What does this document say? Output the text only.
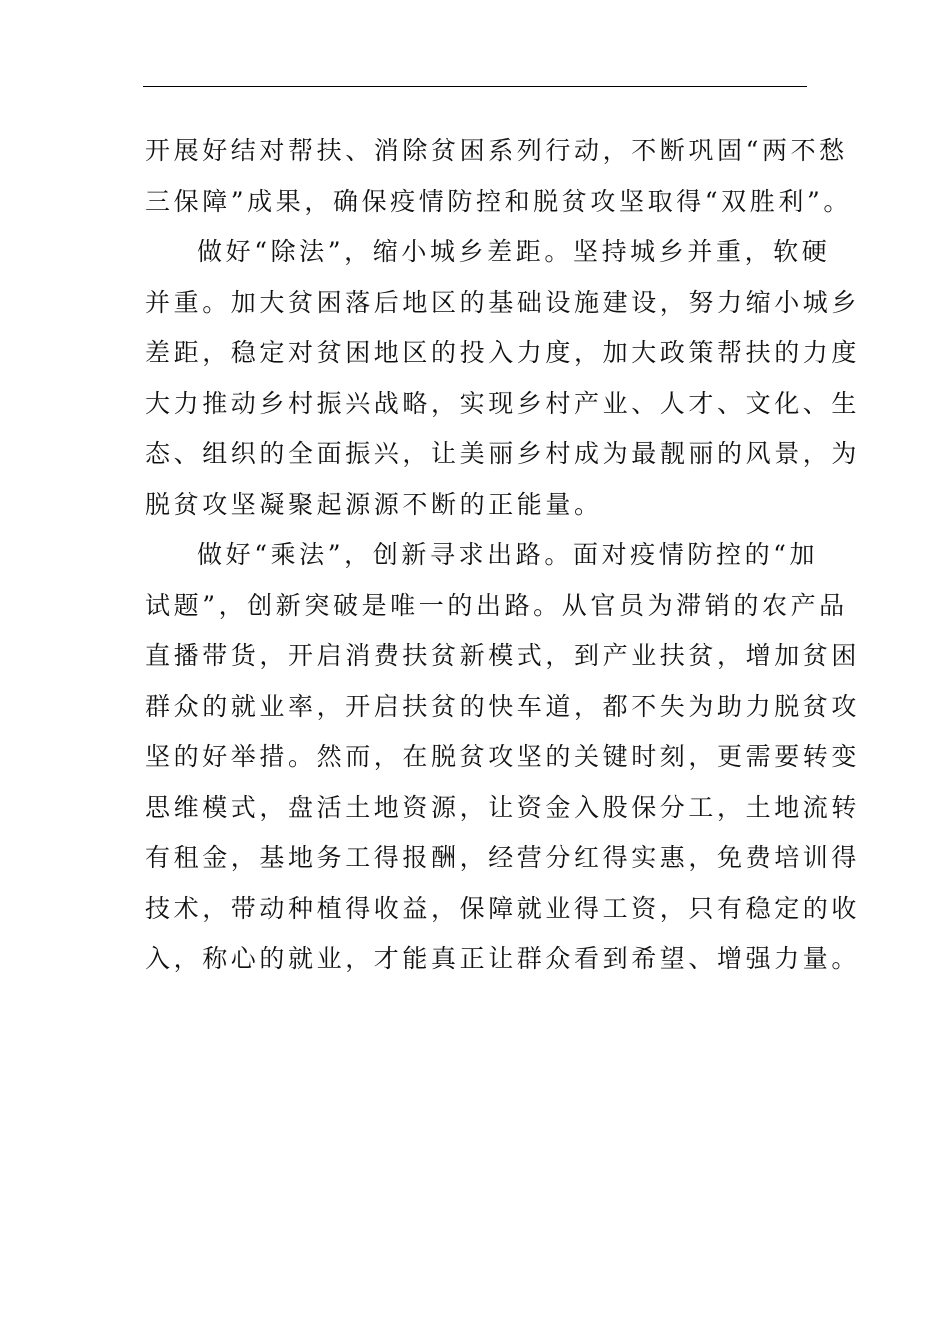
开展好结对帮扶、消除贫困系列行动，不断巩固“两不愁
三保障”成果，确保疫情防控和脱贫攻坚取得“双胜利”。
做好“除法”，缩小城乡差距。坚持城乡并重，软硬
并重。加大贫困落后地区的基础设施建设，努力缩小城乡
差距，稳定对贫困地区的投入力度，加大政策帮扶的力度
大力推动乡村振兴战略，实现乡村产业、人才、文化、生
态、组织的全面振兴，让美丽乡村成为最靓丽的风景，为
脱贫攻坚凝聚起源源不断的正能量。
做好“乘法”，创新寻求出路。面对疫情防控的“加
试题”，创新突破是唯一的出路。从官员为滞销的农产品
直播带货，开启消费扶贫新模式，到产业扶贫，增加贫困
群众的就业率，开启扶贫的快车道，都不失为助力脱贫攻
坚的好举措。然而，在脱贫攻坚的关键时刻，更需要转变
思维模式，盘活土地资源，让资金入股保分工，土地流转
有租金，基地务工得报酬，经营分红得实惠，免费培训得
技术，带动种植得收益，保障就业得工资，只有稳定的收
入，称心的就业，才能真正让群众看到希望、增强力量。
